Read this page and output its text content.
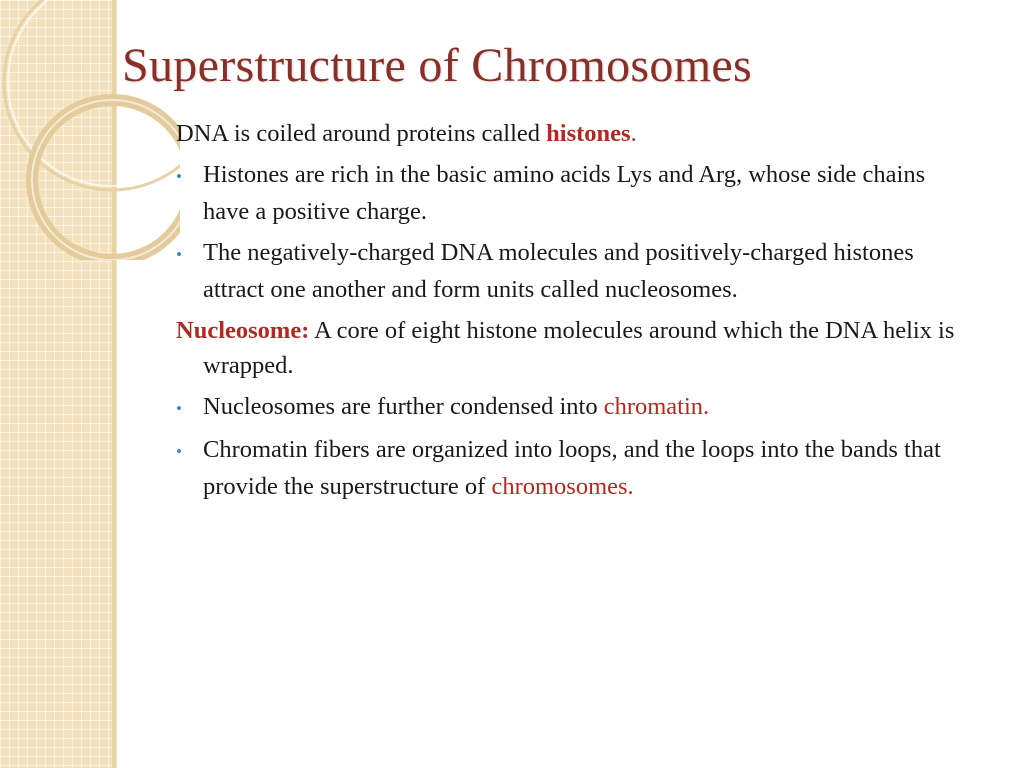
Superstructure of Chromosomes

DNA is coiled around proteins called histones.

• Histones are rich in the basic amino acids Lys and Arg, whose side chains have a positive charge.

• The negatively-charged DNA molecules and positively-charged histones attract one another and form units called nucleosomes.

Nucleosome: A core of eight histone molecules around which the DNA helix is wrapped.

• Nucleosomes are further condensed into chromatin.

• Chromatin fibers are organized into loops, and the loops into the bands that provide the superstructure of chromosomes.
